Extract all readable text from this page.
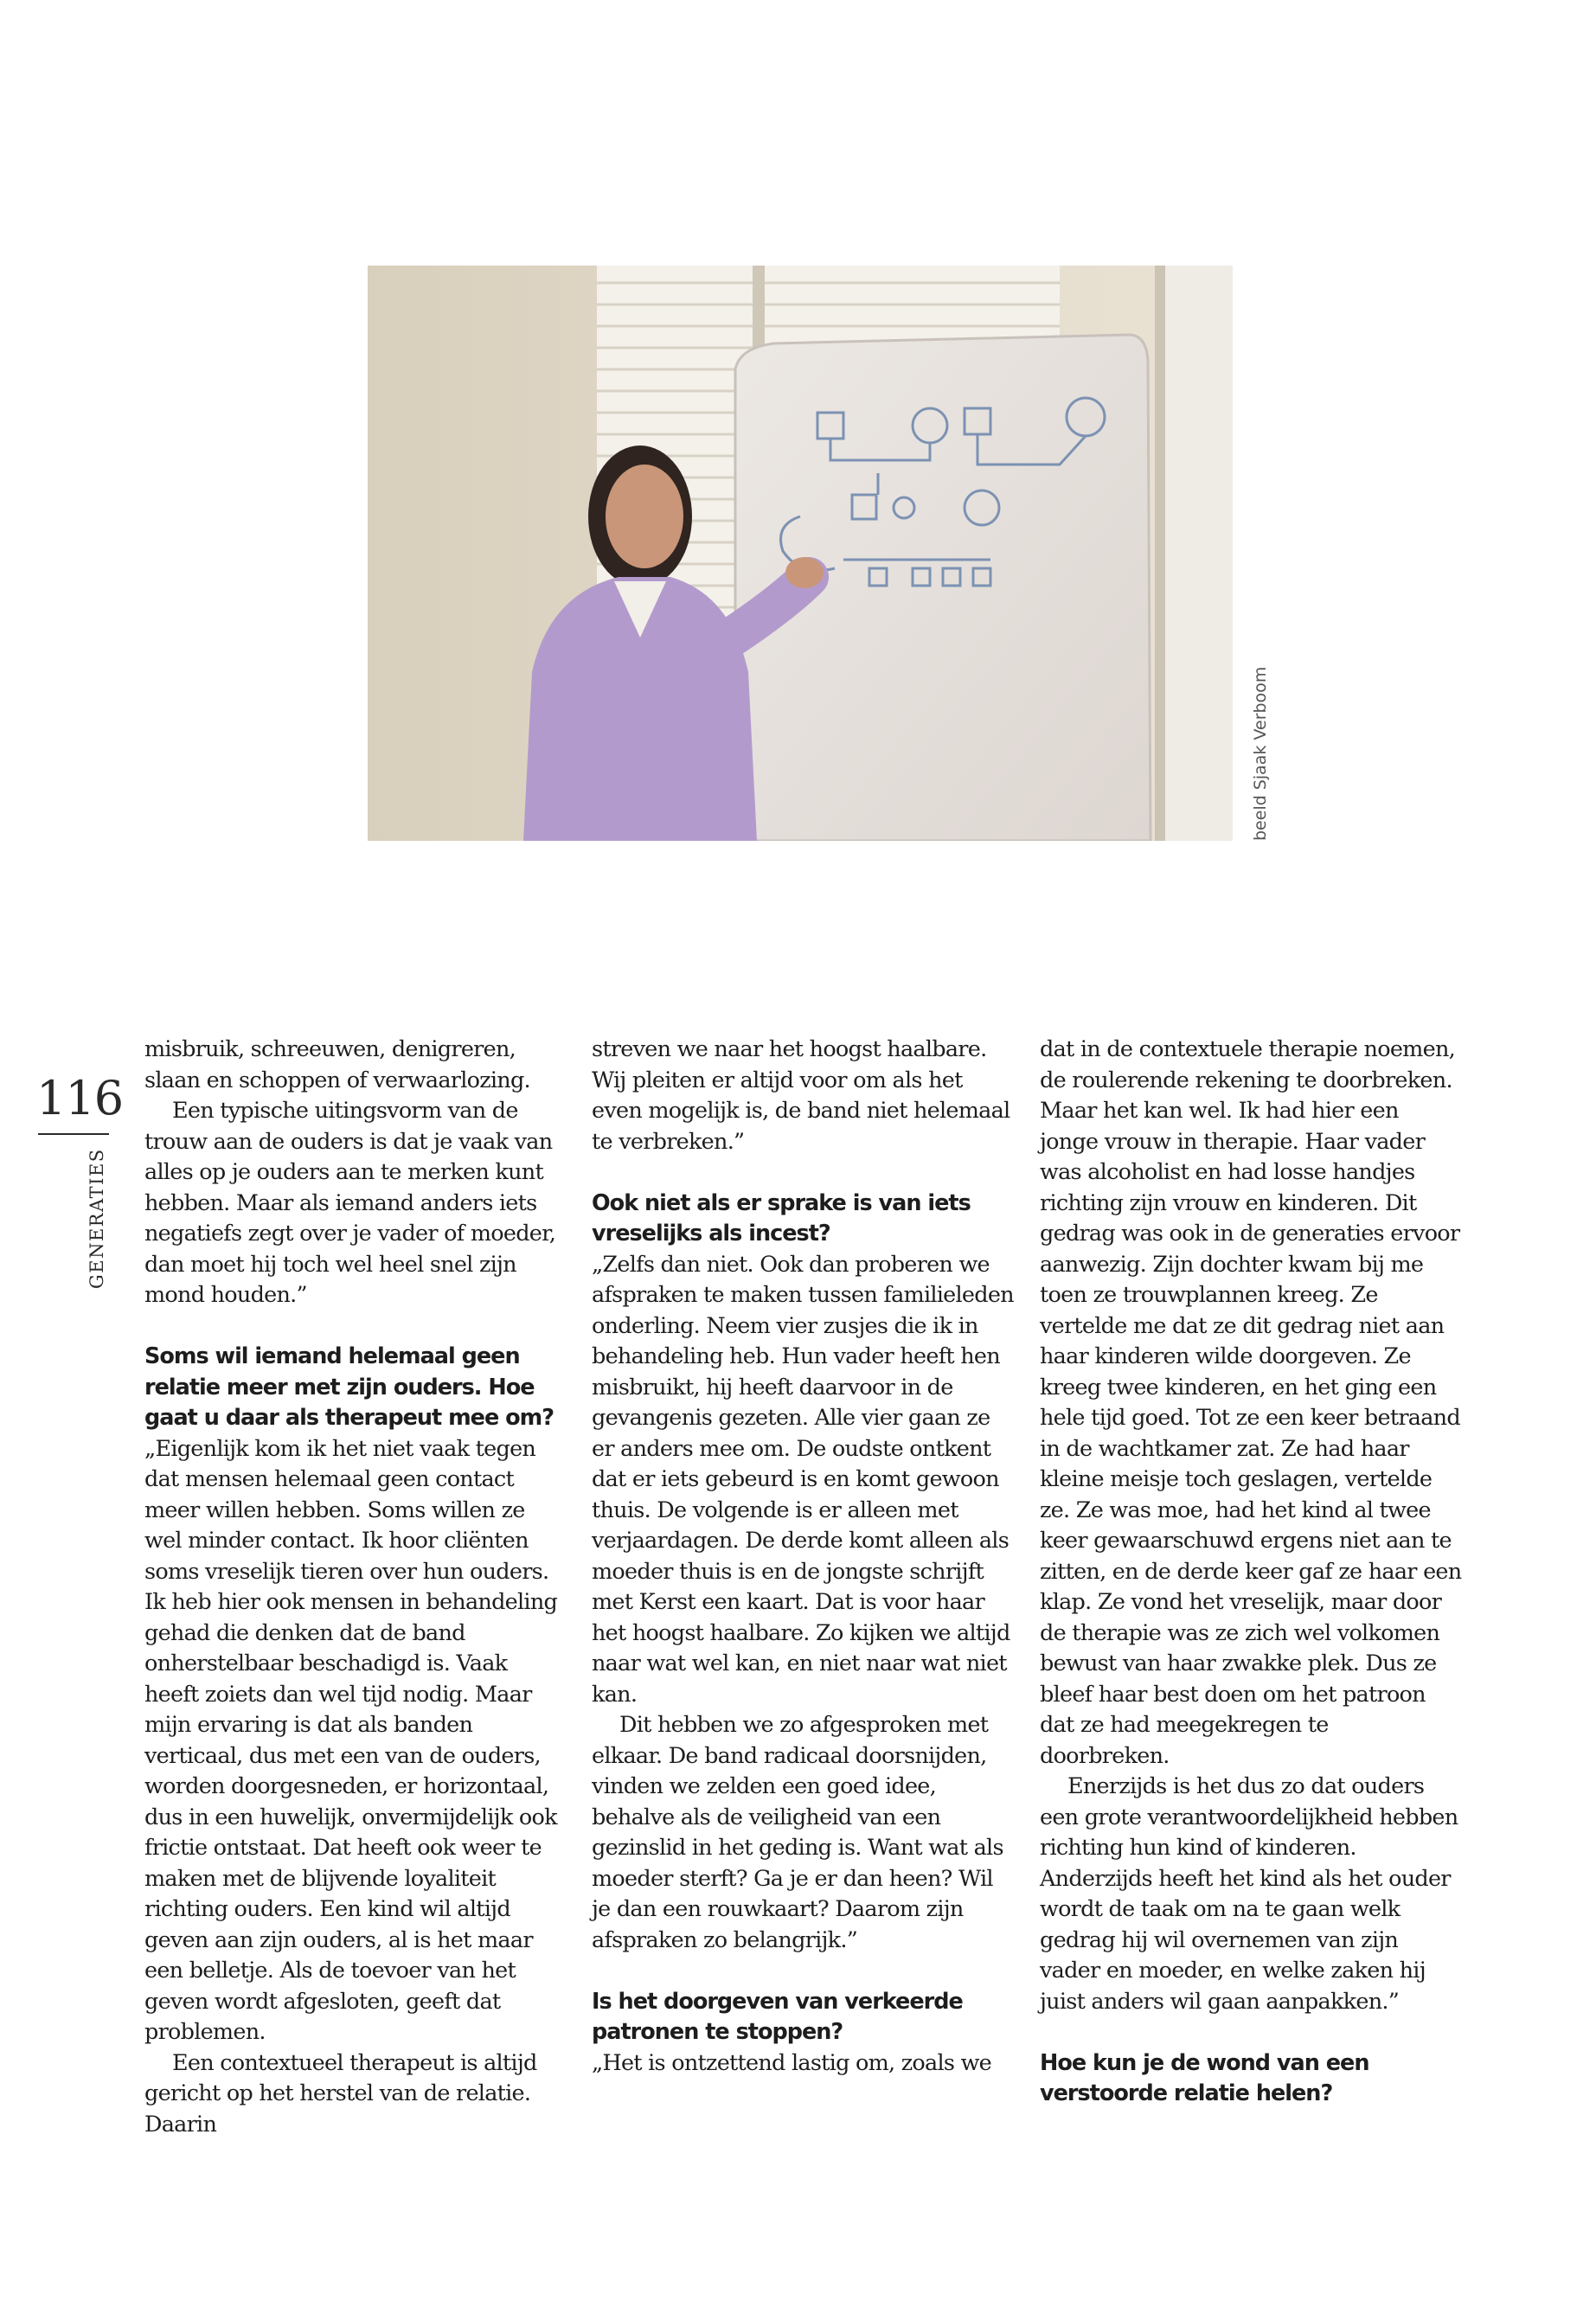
beeld Sjaak Verboom
116
GENERATIES

misbruik, schreeuwen, denigreren, slaan en schoppen of verwaarlozing.

Een typische uitingsvorm van de trouw aan de ouders is dat je vaak van alles op je ouders aan te merken kunt hebben. Maar als iemand anders iets negatiefs zegt over je vader of moeder, dan moet hij toch wel heel snel zijn mond houden.”

Soms wil iemand helemaal geen relatie meer met zijn ouders. Hoe gaat u daar als therapeut mee om?

„Eigenlijk kom ik het niet vaak tegen dat mensen helemaal geen contact meer willen hebben. Soms willen ze wel minder contact. Ik hoor cliënten soms vreselijk tieren over hun ouders. Ik heb hier ook mensen in behandeling gehad die denken dat de band onherstelbaar beschadigd is. Vaak heeft zoiets dan wel tijd nodig. Maar mijn ervaring is dat als banden verticaal, dus met een van de ouders, worden doorgesneden, er horizontaal, dus in een huwelijk, onvermijdelijk ook frictie ontstaat. Dat heeft ook weer te maken met de blijvende loyaliteit richting ouders. Een kind wil altijd geven aan zijn ouders, al is het maar een belletje. Als de toevoer van het geven wordt afgesloten, geeft dat problemen.

Een contextueel therapeut is altijd gericht op het herstel van de relatie. Daarin

streven we naar het hoogst haalbare. Wij pleiten er altijd voor om als het even mogelijk is, de band niet helemaal te verbreken.”

Ook niet als er sprake is van iets vreselijks als incest?

„Zelfs dan niet. Ook dan proberen we afspraken te maken tussen familieleden onderling. Neem vier zusjes die ik in behandeling heb. Hun vader heeft hen misbruikt, hij heeft daarvoor in de gevangenis gezeten. Alle vier gaan ze er anders mee om. De oudste ontkent dat er iets gebeurd is en komt gewoon thuis. De volgende is er alleen met verjaardagen. De derde komt alleen als moeder thuis is en de jongste schrijft met Kerst een kaart. Dat is voor haar het hoogst haalbare. Zo kijken we altijd naar wat wel kan, en niet naar wat niet kan.

Dit hebben we zo afgesproken met elkaar. De band radicaal doorsnijden, vinden we zelden een goed idee, behalve als de veiligheid van een gezinslid in het geding is. Want wat als moeder sterft? Ga je er dan heen? Wil je dan een rouwkaart? Daarom zijn afspraken zo belangrijk.”

Is het doorgeven van verkeerde patronen te stoppen?

„Het is ontzettend lastig om, zoals we

dat in de contextuele therapie noemen, de roulerende rekening te doorbreken. Maar het kan wel. Ik had hier een jonge vrouw in therapie. Haar vader was alcoholist en had losse handjes richting zijn vrouw en kinderen. Dit gedrag was ook in de generaties ervoor aanwezig. Zijn dochter kwam bij me toen ze trouwplannen kreeg. Ze vertelde me dat ze dit gedrag niet aan haar kinderen wilde doorgeven. Ze kreeg twee kinderen, en het ging een hele tijd goed. Tot ze een keer betraand in de wachtkamer zat. Ze had haar kleine meisje toch geslagen, vertelde ze. Ze was moe, had het kind al twee keer gewaarschuwd ergens niet aan te zitten, en de derde keer gaf ze haar een klap. Ze vond het vreselijk, maar door de therapie was ze zich wel volkomen bewust van haar zwakke plek. Dus ze bleef haar best doen om het patroon dat ze had meegekregen te doorbreken.

Enerzijds is het dus zo dat ouders een grote verantwoordelijkheid hebben richting hun kind of kinderen. Anderzijds heeft het kind als het ouder wordt de taak om na te gaan welk gedrag hij wil overnemen van zijn vader en moeder, en welke zaken hij juist anders wil gaan aanpakken.”

Hoe kun je de wond van een verstoorde relatie helen?
